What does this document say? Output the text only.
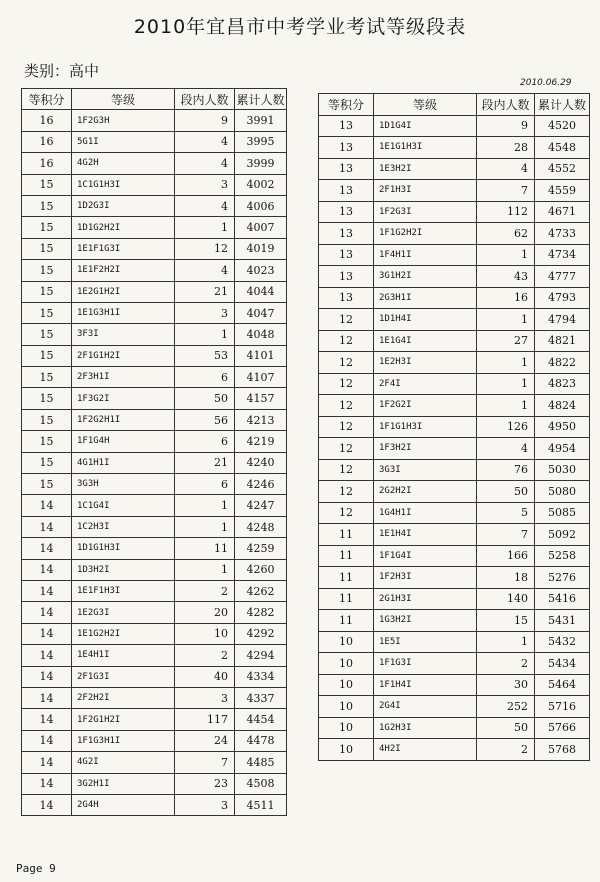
2010年宜昌市中考学业考试等级段表
类别：高中
2010.06.29
等积分	等级	段内人数	累计人数
16	1F2G3H	9	3991
16	5G1I	4	3995
16	4G2H	4	3999
15	1C1G1H3I	3	4002
15	1D2G3I	4	4006
15	1D1G2H2I	1	4007
15	1E1F1G3I	12	4019
15	1E1F2H2I	4	4023
15	1E2G1H2I	21	4044
15	1E1G3H1I	3	4047
15	3F3I	1	4048
15	2F1G1H2I	53	4101
15	2F3H1I	6	4107
15	1F3G2I	50	4157
15	1F2G2H1I	56	4213
15	1F1G4H	6	4219
15	4G1H1I	21	4240
15	3G3H	6	4246
14	1C1G4I	1	4247
14	1C2H3I	1	4248
14	1D1G1H3I	11	4259
14	1D3H2I	1	4260
14	1E1F1H3I	2	4262
14	1E2G3I	20	4282
14	1E1G2H2I	10	4292
14	1E4H1I	2	4294
14	2F1G3I	40	4334
14	2F2H2I	3	4337
14	1F2G1H2I	117	4454
14	1F1G3H1I	24	4478
14	4G2I	7	4485
14	3G2H1I	23	4508
14	2G4H	3	4511
等积分	等级	段内人数	累计人数
13	1D1G4I	9	4520
13	1E1G1H3I	28	4548
13	1E3H2I	4	4552
13	2F1H3I	7	4559
13	1F2G3I	112	4671
13	1F1G2H2I	62	4733
13	1F4H1I	1	4734
13	3G1H2I	43	4777
13	2G3H1I	16	4793
12	1D1H4I	1	4794
12	1E1G4I	27	4821
12	1E2H3I	1	4822
12	2F4I	1	4823
12	1F2G2I	1	4824
12	1F1G1H3I	126	4950
12	1F3H2I	4	4954
12	3G3I	76	5030
12	2G2H2I	50	5080
12	1G4H1I	5	5085
11	1E1H4I	7	5092
11	1F1G4I	166	5258
11	1F2H3I	18	5276
11	2G1H3I	140	5416
11	1G3H2I	15	5431
10	1E5I	1	5432
10	1F1G3I	2	5434
10	1F1H4I	30	5464
10	2G4I	252	5716
10	1G2H3I	50	5766
10	4H2I	2	5768
Page 9
